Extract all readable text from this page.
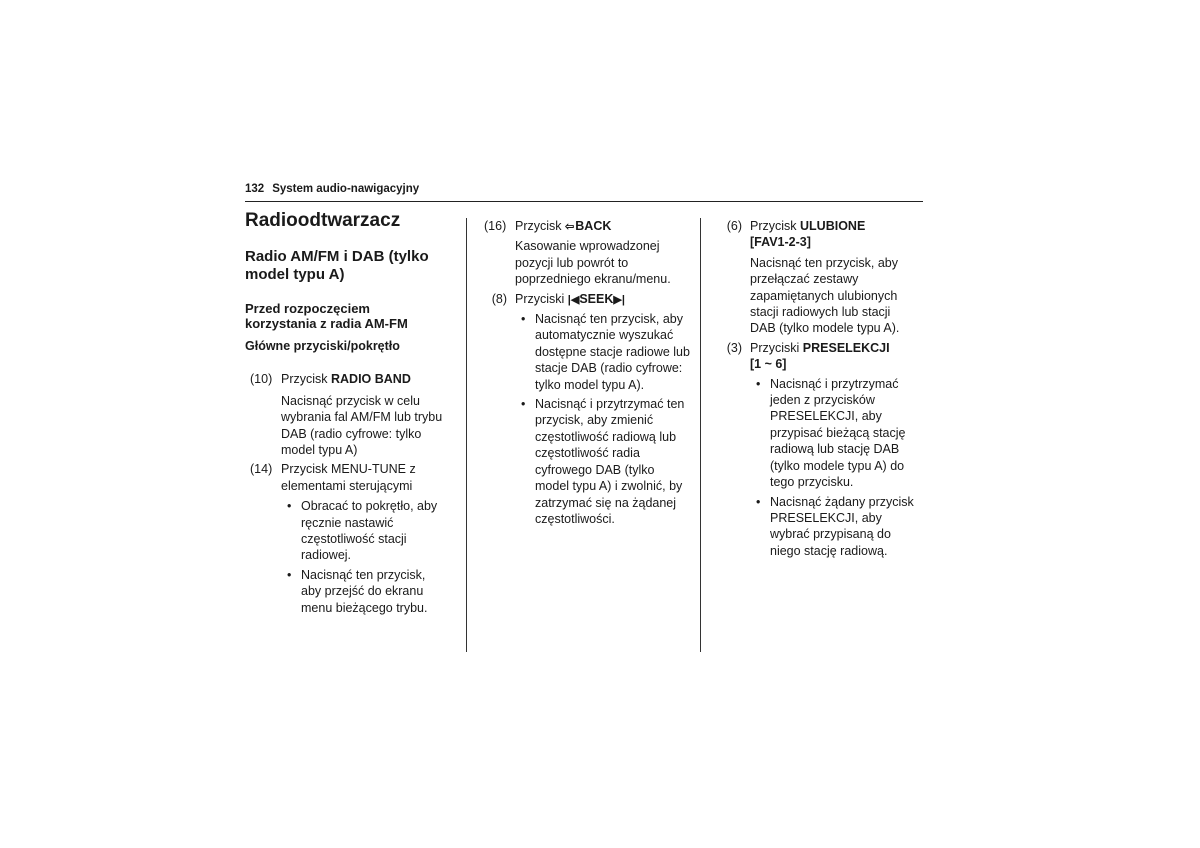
132 System audio-nawigacyjny
Radioodtwarzacz
Radio AM/FM i DAB (tylko model typu A)
Przed rozpoczęciem korzystania z radia AM-FM
Główne przyciski/pokrętło
(10) Przycisk RADIO BAND
Nacisnąć przycisk w celu wybrania fal AM/FM lub trybu DAB (radio cyfrowe: tylko model typu A)
(14) Przycisk MENU-TUNE z elementami sterującymi
• Obracać to pokrętło, aby ręcznie nastawić częstotliwość stacji radiowej.
• Nacisnąć ten przycisk, aby przejść do ekranu menu bieżącego trybu.
(16) Przycisk ⇦ BACK
Kasowanie wprowadzonej pozycji lub powrót to poprzedniego ekranu/menu.
(8) Przyciski |◀SEEK▶|
• Nacisnąć ten przycisk, aby automatycznie wyszukać dostępne stacje radiowe lub stacje DAB (radio cyfrowe: tylko model typu A).
• Nacisnąć i przytrzymać ten przycisk, aby zmienić częstotliwość radiową lub częstotliwość radia cyfrowego DAB (tylko model typu A) i zwolnić, by zatrzymać się na żądanej częstotliwości.
(6) Przycisk ULUBIONE
[FAV1-2-3]
Nacisnąć ten przycisk, aby przełączać zestawy zapamiętanych ulubionych stacji radiowych lub stacji DAB (tylko modele typu A).
(3) Przyciski PRESELEKCJI
[1 ~ 6]
• Nacisnąć i przytrzymać jeden z przycisków PRESELEKCJI, aby przypisać bieżącą stację radiową lub stację DAB (tylko modele typu A) do tego przycisku.
• Nacisnąć żądany przycisk PRESELEKCJI, aby wybrać przypisaną do niego stację radiową.
